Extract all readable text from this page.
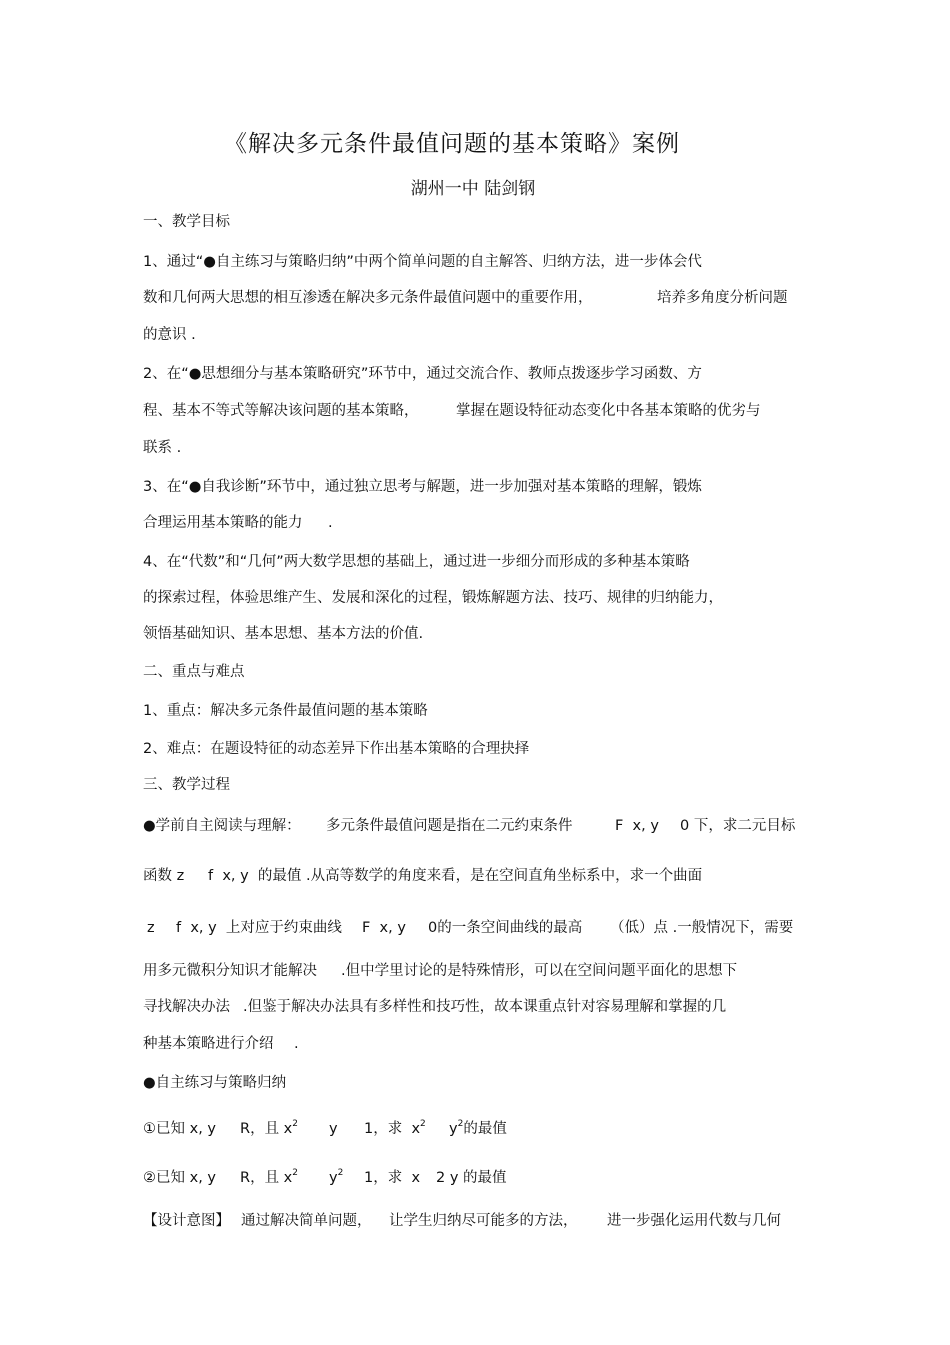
《解决多元条件最值问题的基本策略》案例
湖州一中 陆剑钢
一、教学目标
1、通过“●自主练习与策略归纳”中两个简单问题的自主解答、归纳方法，进一步体会代
数和几何两大思想的相互渗透在解决多元条件最值问题中的重要作用，	培养多角度分析问题
的意识 .
2、在“●思想细分与基本策略研究”环节中，通过交流合作、教师点拨逐步学习函数、方
程、基本不等式等解决该问题的基本策略，	掌握在题设特征动态变化中各基本策略的优劣与
联系 .
3、在“●自我诊断”环节中，通过独立思考与解题，进一步加强对基本策略的理解，锻炼
合理运用基本策略的能力 .
4、在“代数”和“几何”两大数学思想的基础上，通过进一步细分而形成的多种基本策略
的探索过程，体验思维产生、发展和深化的过程，锻炼解题方法、技巧、规律的归纳能力，
领悟基础知识、基本思想、基本方法的价值.
二、重点与难点
1、重点：解决多元条件最值问题的基本策略
2、难点：在题设特征的动态差异下作出基本策略的合理抉择
三、教学过程
●学前自主阅读与理解： 多元条件最值问题是指在二元约束条件	F  x, y 0 下，求二元目标
函数 z f  x, y  的最值 .从高等数学的角度来看，是在空间直角坐标系中，求一个曲面
z f  x, y  上对应于约束曲线 F  x, y 0的一条空间曲线的最高 （低）点 .一般情况下，需要
用多元微积分知识才能解决 .但中学里讨论的是特殊情形，可以在空间问题平面化的思想下
寻找解决办法 .但鉴于解决办法具有多样性和技巧性，故本课重点针对容易理解和掌握的几
种基本策略进行介绍 .
●自主练习与策略归纳
①已知 x, y R，且 $x^2$ y 1，求  $x^2$ $y^2$的最值
②已知 x, y R，且 $x^2$ $y^2$ 1，求  x 2 y 的最值
【设计意图】 通过解决简单问题， 让学生归纳尽可能多的方法， 进一步强化运用代数与几何
